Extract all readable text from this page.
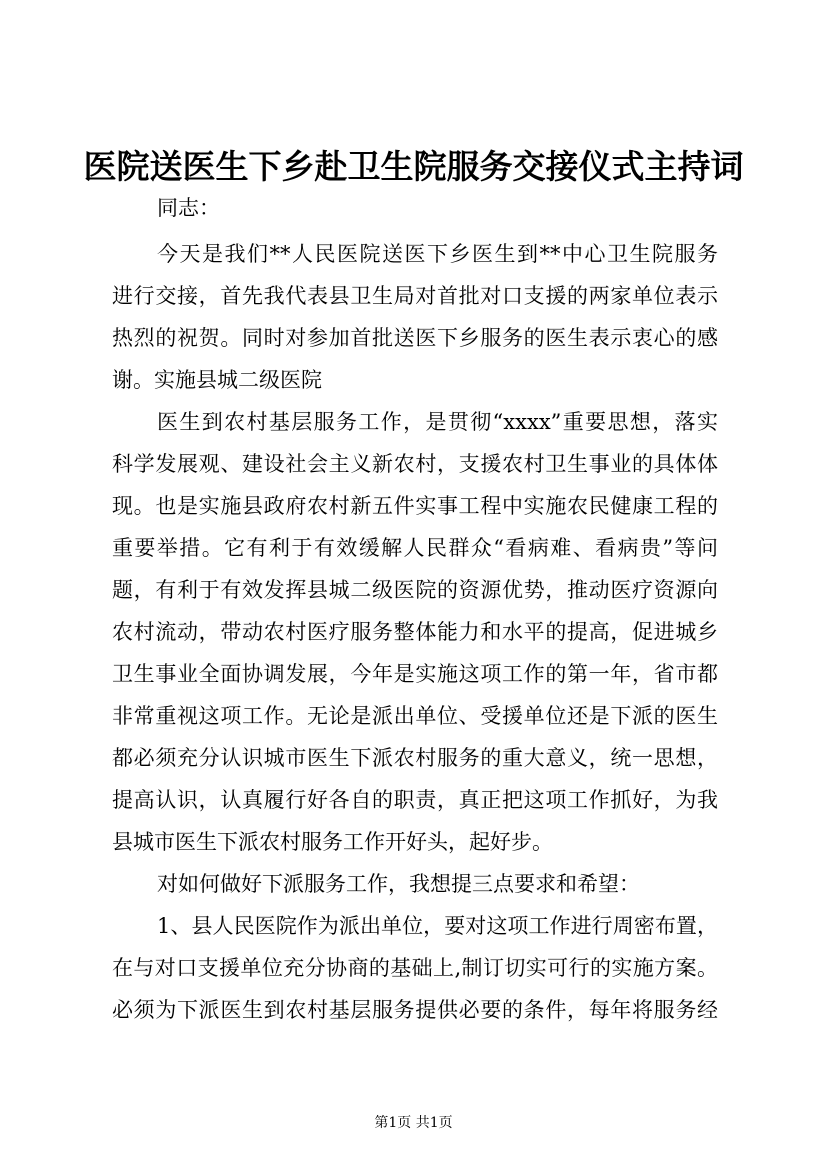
医院送医生下乡赴卫生院服务交接仪式主持词
同志：
今天是我们**人民医院送医下乡医生到**中心卫生院服务
进行交接，首先我代表县卫生局对首批对口支援的两家单位表示
热烈的祝贺。同时对参加首批送医下乡服务的医生表示衷心的感
谢。实施县城二级医院
医生到农村基层服务工作，是贯彻“xxxx”重要思想，落实
科学发展观、建设社会主义新农村，支援农村卫生事业的具体体
现。也是实施县政府农村新五件实事工程中实施农民健康工程的
重要举措。它有利于有效缓解人民群众“看病难、看病贵”等问
题，有利于有效发挥县城二级医院的资源优势，推动医疗资源向
农村流动，带动农村医疗服务整体能力和水平的提高，促进城乡
卫生事业全面协调发展，今年是实施这项工作的第一年，省市都
非常重视这项工作。无论是派出单位、受援单位还是下派的医生
都必须充分认识城市医生下派农村服务的重大意义，统一思想，
提高认识，认真履行好各自的职责，真正把这项工作抓好，为我
县城市医生下派农村服务工作开好头，起好步。
对如何做好下派服务工作，我想提三点要求和希望：
1、县人民医院作为派出单位，要对这项工作进行周密布置，
在与对口支援单位充分协商的基础上,制订切实可行的实施方案。
必须为下派医生到农村基层服务提供必要的条件，每年将服务经
第1页 共1页
